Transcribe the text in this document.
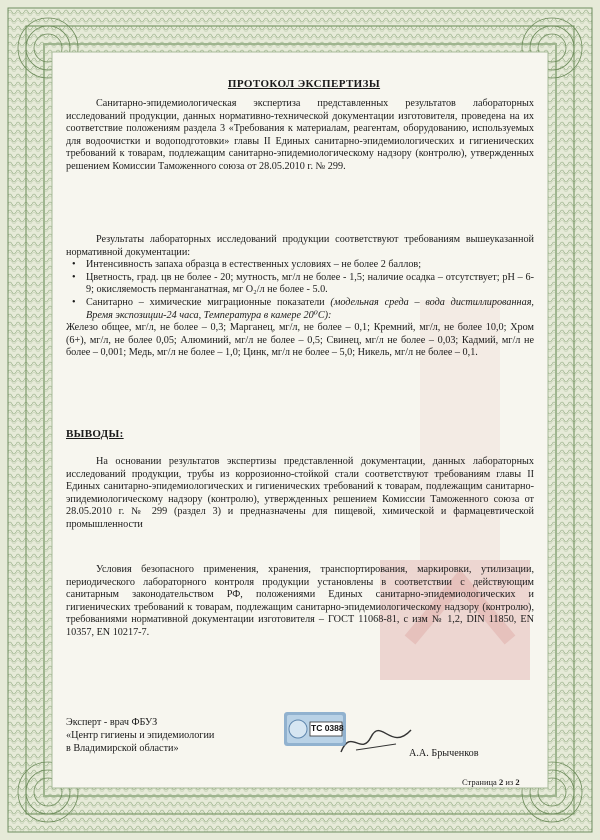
ПРОТОКОЛ ЭКСПЕРТИЗЫ

Санитарно-эпидемиологическая экспертиза представленных результатов лабораторных исследований продукции, данных нормативно-технической документации изготовителя, проведена на их соответствие положениям раздела 3 «Требования к материалам, реагентам, оборудованию, используемых для водоочистки и водоподготовки» главы II Единых санитарно-эпидемиологических и гигиенических требований к товарам, подлежащим санитарно-эпидемиологическому надзору (контролю), утвержденных решением Комиссии Таможенного союза от 28.05.2010 г. № 299.

Результаты лабораторных исследований продукции соответствуют требованиям вышеуказанной нормативной документации:

• Интенсивность запаха образца в естественных условиях – не более 2 баллов;
• Цветность, град. цв не более - 20; мутность, мг/л не более - 1,5; наличие осадка – отсутствует; рН – 6-9; окисляемость перманганатная, мг О₂/л не более - 5.0.
• Санитарно – химические миграционные показатели (модельная среда – вода дистиллированная, Время экспозиции-24 часа, Температура в камере 20⁰С):

Железо общее, мг/л, не более – 0,3; Марганец, мг/л, не более – 0,1; Кремний, мг/л, не более 10,0; Хром (6+), мг/л, не более 0,05; Алюминий, мг/л не более – 0,5; Свинец, мг/л не более – 0,03; Кадмий, мг/л не более – 0,001; Медь, мг/л не более – 1,0; Цинк, мг/л не более – 5,0; Никель, мг/л не более – 0,1.

ВЫВОДЫ:

На основании результатов экспертизы представленной документации, данных лабораторных исследований продукции, трубы из коррозионно-стойкой стали соответствуют требованиям главы II Единых санитарно-эпидемиологических и гигиенических требований к товарам, подлежащим санитарно-эпидемиологическому надзору (контролю), утвержденных решением Комиссии Таможенного союза от 28.05.2010 г. № 299 (раздел 3) и предназначены для пищевой, химической и фармацевтической промышленности

Условия безопасного применения, хранения, транспортирования, маркировки, утилизации, периодического лабораторного контроля продукции установлены в соответствии с действующим санитарным законодательством РФ, положениями Единых санитарно-эпидемиологических и гигиенических требований к товарам, подлежащим санитарно-эпидемиологическому надзору (контролю), требованиями нормативной документации изготовителя – ГОСТ 11068-81, с изм № 1,2, DIN 11850, EN 10357, EN 10217-7.

Эксперт - врач ФБУЗ
«Центр гигиены и эпидемиологии
в Владимирской области»	А.А. Брыченков
Страница 2 из 2
TC 0388
